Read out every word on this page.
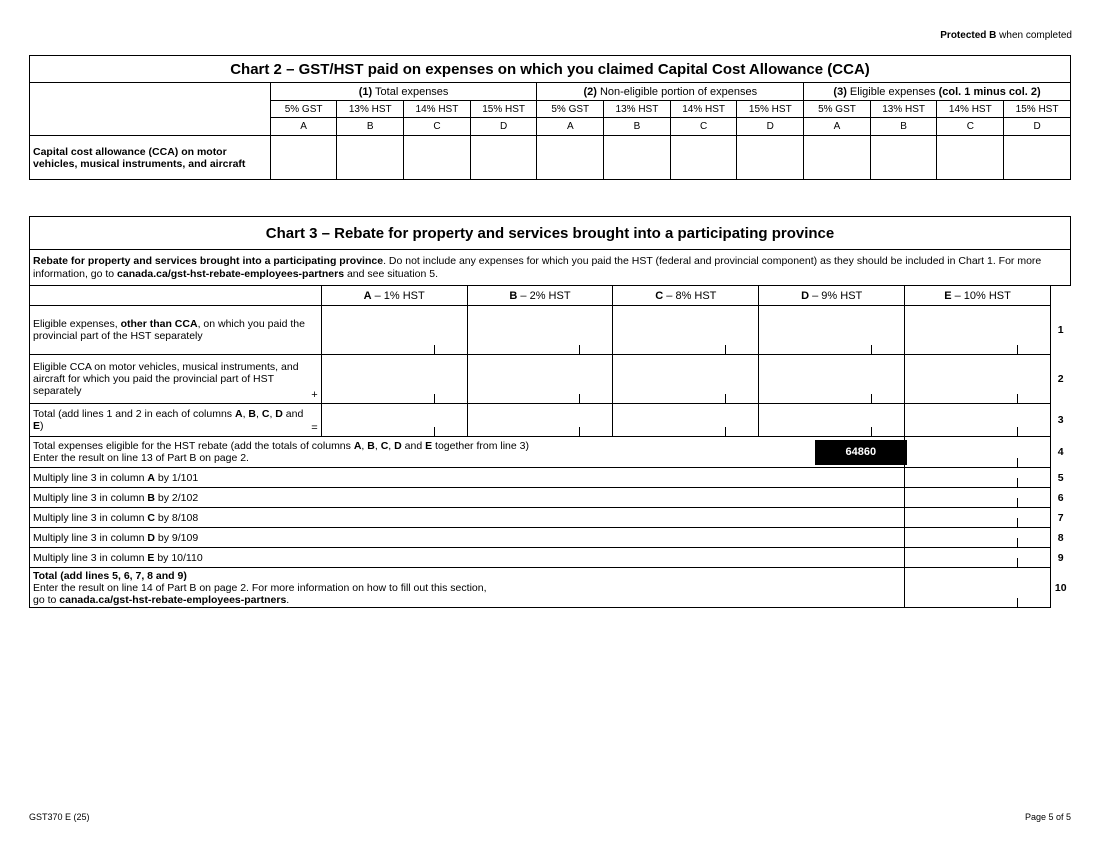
Protected B when completed
Chart 2 – GST/HST paid on expenses on which you claimed Capital Cost Allowance (CCA)												
	(1) Total expenses				(2) Non-eligible portion of expenses				(3) Eligible expenses (col. 1 minus col. 2)			
	5% GST	13% HST	14% HST	15% HST	5% GST	13% HST	14% HST	15% HST	5% GST	13% HST	14% HST	15% HST
	A	B	C	D	A	B	C	D	A	B	C	D
Capital cost allowance (CCA) on motor vehicles, musical instruments, and aircraft												
Chart 3 – Rebate for property and services brought into a participating province						
Rebate for property and services brought into a participating province. Do not include any expenses for which you paid the HST (federal and provincial component) as they should be included in Chart 1. For more information, go to canada.ca/gst-hst-rebate-employees-partners and see situation 5.						
	A – 1% HST	B – 2% HST	C – 8% HST	D – 9% HST	E – 10% HST	
Eligible expenses, other than CCA, on which you paid the provincial part of the HST separately						1

Eligible CCA on motor vehicles, musical instruments, and aircraft for which you paid the provincial part of HST separately +						2

Total (add lines 1 and 2 in each of columns A, B, C, D and E) =						3
Total expenses eligible for the HST rebate (add the totals of columns A, B, C, D and E together from line 3)
Enter the result on line 13 of Part B on page 2.				64860		4
Multiply line 3 in column A by 1/101						5
Multiply line 3 in column B by 2/102						6
Multiply line 3 in column C by 8/108						7
Multiply line 3 in column D by 9/109						8
Multiply line 3 in column E by 10/110						9
Total (add lines 5, 6, 7, 8 and 9)
Enter the result on line 14 of Part B on page 2. For more information on how to fill out this section,
go to canada.ca/gst-hst-rebate-employees-partners.						10
GST370 E (25)	Page 5 of 5
